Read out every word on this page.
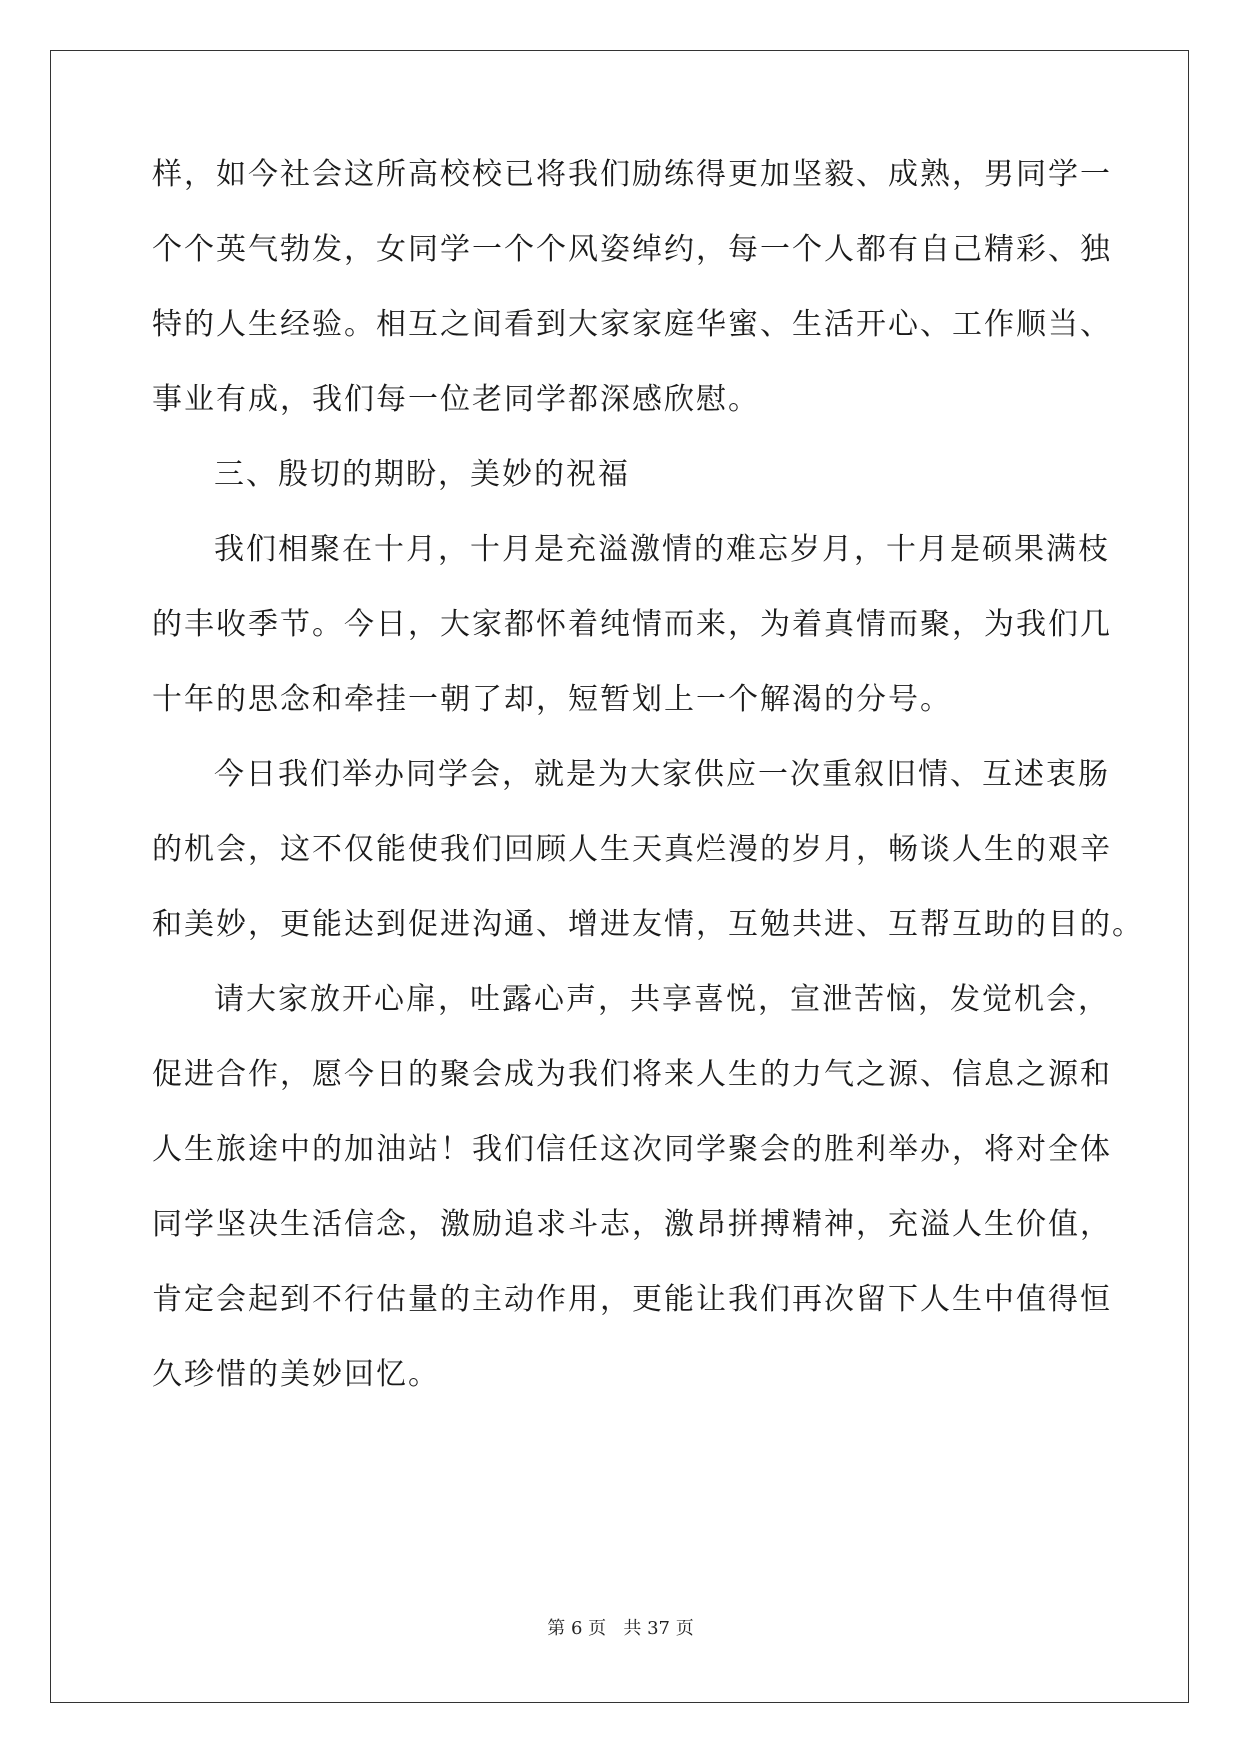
样，如今社会这所高校校已将我们励练得更加坚毅、成熟，男同学一
个个英气勃发，女同学一个个风姿绰约，每一个人都有自己精彩、独
特的人生经验。相互之间看到大家家庭华蜜、生活开心、工作顺当、
事业有成，我们每一位老同学都深感欣慰。
三、殷切的期盼，美妙的祝福
我们相聚在十月，十月是充溢激情的难忘岁月，十月是硕果满枝
的丰收季节。今日，大家都怀着纯情而来，为着真情而聚，为我们几
十年的思念和牵挂一朝了却，短暂划上一个解渴的分号。
今日我们举办同学会，就是为大家供应一次重叙旧情、互述衷肠
的机会，这不仅能使我们回顾人生天真烂漫的岁月，畅谈人生的艰辛
和美妙，更能达到促进沟通、增进友情，互勉共进、互帮互助的目的。
请大家放开心扉，吐露心声，共享喜悦，宣泄苦恼，发觉机会，
促进合作，愿今日的聚会成为我们将来人生的力气之源、信息之源和
人生旅途中的加油站！我们信任这次同学聚会的胜利举办，将对全体
同学坚决生活信念，激励追求斗志，激昂拼搏精神，充溢人生价值，
肯定会起到不行估量的主动作用，更能让我们再次留下人生中值得恒
久珍惜的美妙回忆。
第 6 页   共 37 页
